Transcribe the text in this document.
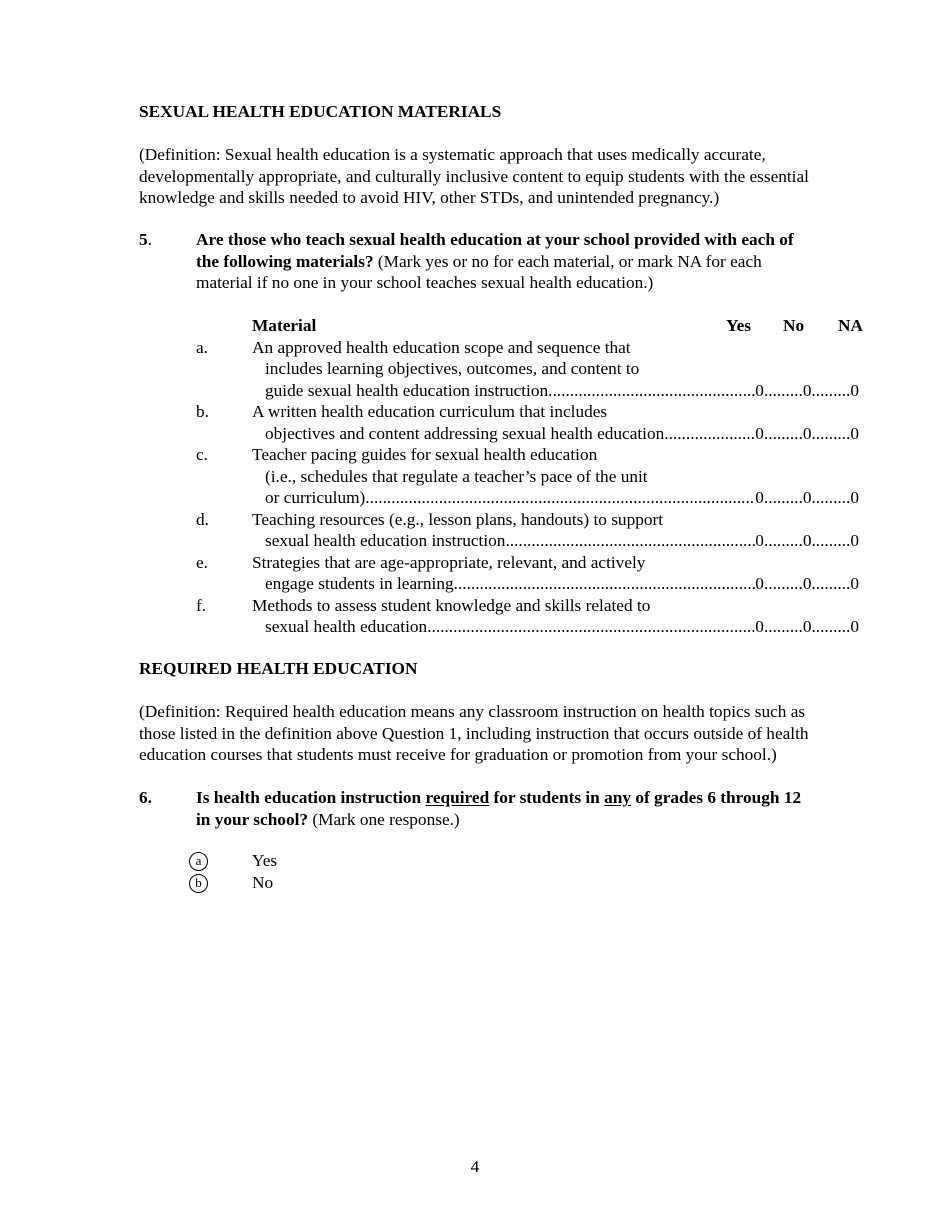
SEXUAL HEALTH EDUCATION MATERIALS
(Definition: Sexual health education is a systematic approach that uses medically accurate,
developmentally appropriate, and culturally inclusive content to equip students with the essential
knowledge and skills needed to avoid HIV, other STDs, and unintended pregnancy.)
5.	Are those who teach sexual health education at your school provided with each of
the following materials? (Mark yes or no for each material, or mark NA for each
material if no one in your school teaches sexual health education.)
Material	Yes No NA
a.	An approved health education scope and sequence that
includes learning objectives, outcomes, and content to
guide sexual health education instruction .....	0 ......... 0 ......... 0
b. A written health education curriculum that includes
objectives and content addressing sexual health education .....	0 ......... 0 ......... 0
c.	Teacher pacing guides for sexual health education
(i.e., schedules that regulate a teacher’s pace of the unit
or curriculum) .....	0 ......... 0 ......... 0
d. Teaching resources (e.g., lesson plans, handouts) to support
sexual health education instruction .....	0 ......... 0 ......... 0
e.	Strategies that are age-appropriate, relevant, and actively
engage students in learning .....	0 ......... 0 ......... 0
f.	Methods to assess student knowledge and skills related to
sexual health education .....	0 ......... 0 ......... 0
REQUIRED HEALTH EDUCATION
(Definition: Required health education means any classroom instruction on health topics such as
those listed in the definition above Question 1, including instruction that occurs outside of health
education courses that students must receive for graduation or promotion from your school.)
6.	Is health education instruction required for students in any of grades 6 through 12
in your school? (Mark one response.)
a	Yes
b	No
4
